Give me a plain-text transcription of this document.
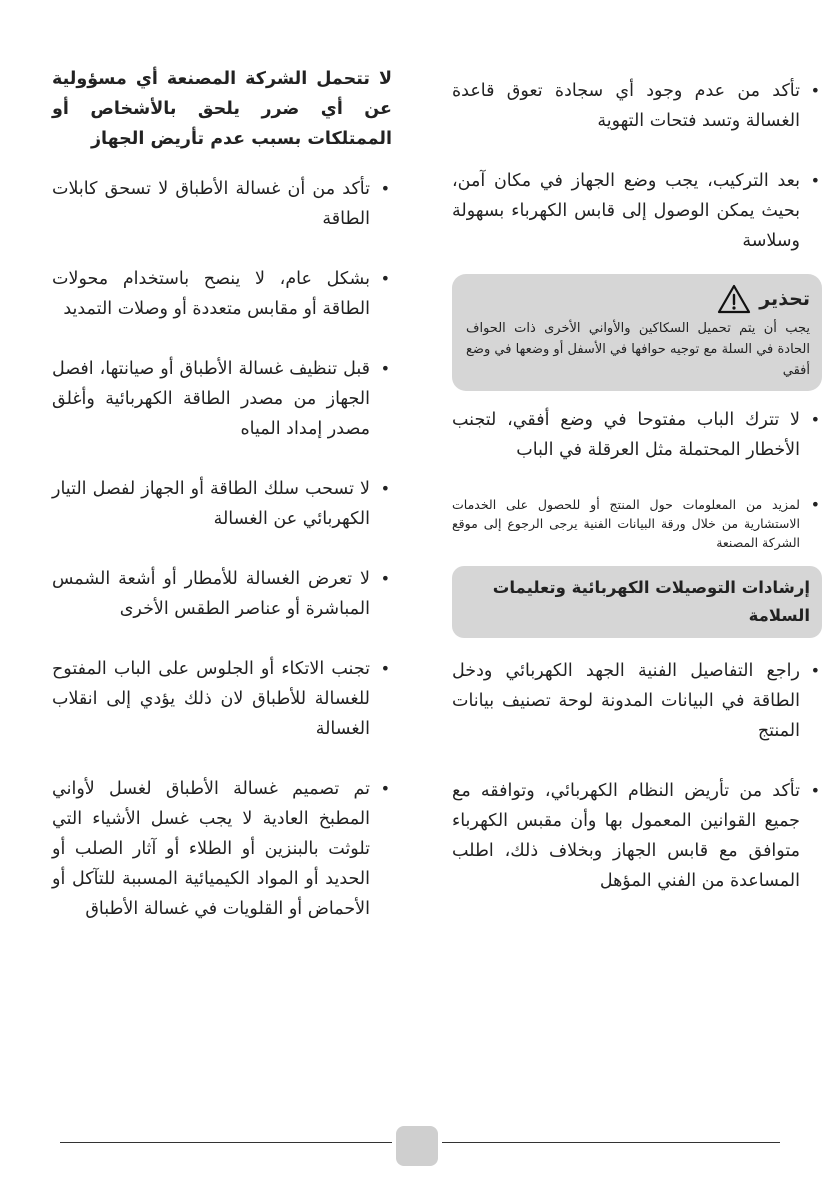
• تأكد من عدم وجود أي سجادة تعوق قاعدة الغسالة وتسد فتحات التهوية

• بعد التركيب، يجب وضع الجهاز في مكان آمن، بحيث يمكن الوصول إلى قابس الكهرباء بسهولة وسلاسة

تحذير

يجب أن يتم تحميل السكاكين والأواني الأخرى ذات الحواف الحادة في السلة مع توجيه حوافها في الأسفل أو وضعها في وضع أفقي

• لا تترك الباب مفتوحا في وضع أفقي، لتجنب الأخطار المحتملة مثل العرقلة في الباب

• لمزيد من المعلومات حول المنتج أو للحصول على الخدمات الاستشارية من خلال ورقة البيانات الفنية يرجى الرجوع إلى موقع الشركة المصنعة

إرشادات التوصيلات الكهربائية وتعليمات السلامة

• راجع التفاصيل الفنية الجهد الكهربائي ودخل الطاقة في البيانات المدونة لوحة تصنيف بيانات المنتج

• تأكد من تأريض النظام الكهربائي، وتوافقه مع جميع القوانين المعمول بها وأن مقبس الكهرباء متوافق مع قابس الجهاز وبخلاف ذلك، اطلب المساعدة من الفني المؤهل

لا تتحمل الشركة المصنعة أي مسؤولية عن أي ضرر يلحق بالأشخاص أو الممتلكات بسبب عدم تأريض الجهاز

• تأكد من أن غسالة الأطباق لا تسحق كابلات الطاقة

• بشكل عام، لا ينصح باستخدام محولات الطاقة أو مقابس متعددة أو وصلات التمديد

• قبل تنظيف غسالة الأطباق أو صيانتها، افصل الجهاز من مصدر الطاقة الكهربائية وأغلق مصدر إمداد المياه

• لا تسحب سلك الطاقة أو الجهاز لفصل التيار الكهربائي عن الغسالة

• لا تعرض الغسالة للأمطار أو أشعة الشمس المباشرة أو عناصر الطقس الأخرى

• تجنب الاتكاء أو الجلوس على الباب المفتوح للغسالة للأطباق لان ذلك يؤدي إلى انقلاب الغسالة

• تم تصميم غسالة الأطباق لغسل لأواني المطبخ العادية لا يجب غسل الأشياء التي تلوثت بالبنزين أو الطلاء أو آثار الصلب أو الحديد أو المواد الكيميائية المسببة للتآكل أو الأحماض أو القلويات في غسالة الأطباق
